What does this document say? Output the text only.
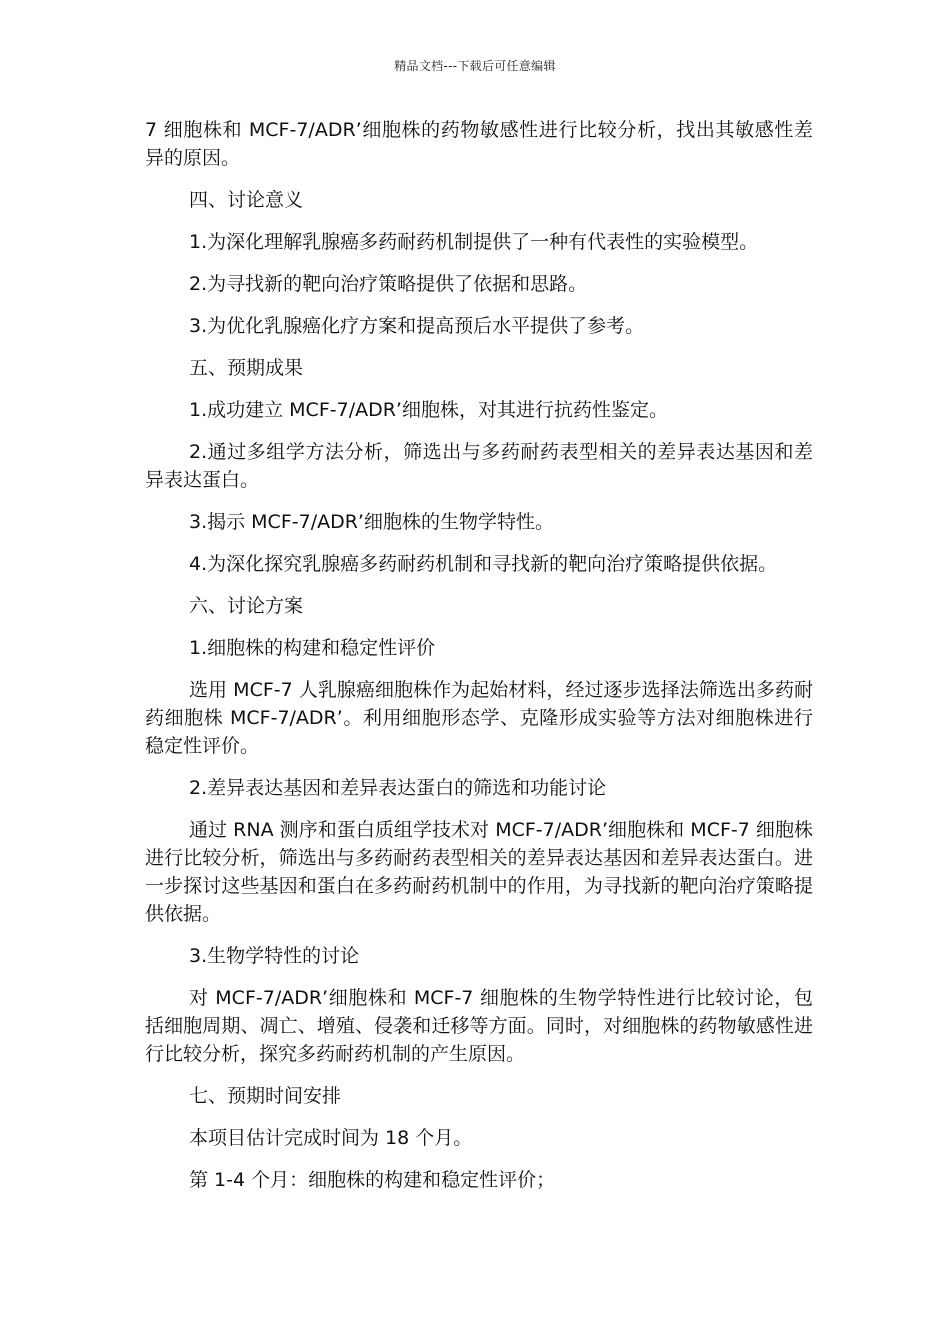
精品文档---下载后可任意编辑

7 细胞株和 MCF-7/ADR’细胞株的药物敏感性进行比较分析，找出其敏感性差异的原因。

四、讨论意义

1.为深化理解乳腺癌多药耐药机制提供了一种有代表性的实验模型。

2.为寻找新的靶向治疗策略提供了依据和思路。

3.为优化乳腺癌化疗方案和提高预后水平提供了参考。

五、预期成果

1.成功建立 MCF-7/ADR’细胞株，对其进行抗药性鉴定。

2.通过多组学方法分析，筛选出与多药耐药表型相关的差异表达基因和差异表达蛋白。

3.揭示 MCF-7/ADR’细胞株的生物学特性。

4.为深化探究乳腺癌多药耐药机制和寻找新的靶向治疗策略提供依据。

六、讨论方案

1.细胞株的构建和稳定性评价

选用 MCF-7 人乳腺癌细胞株作为起始材料，经过逐步选择法筛选出多药耐药细胞株 MCF-7/ADR’。利用细胞形态学、克隆形成实验等方法对细胞株进行稳定性评价。

2.差异表达基因和差异表达蛋白的筛选和功能讨论

通过 RNA 测序和蛋白质组学技术对 MCF-7/ADR’细胞株和 MCF-7 细胞株进行比较分析，筛选出与多药耐药表型相关的差异表达基因和差异表达蛋白。进一步探讨这些基因和蛋白在多药耐药机制中的作用，为寻找新的靶向治疗策略提供依据。

3.生物学特性的讨论

对 MCF-7/ADR’细胞株和 MCF-7 细胞株的生物学特性进行比较讨论，包括细胞周期、凋亡、增殖、侵袭和迁移等方面。同时，对细胞株的药物敏感性进行比较分析，探究多药耐药机制的产生原因。

七、预期时间安排

本项目估计完成时间为 18 个月。

第 1-4 个月：细胞株的构建和稳定性评价；
